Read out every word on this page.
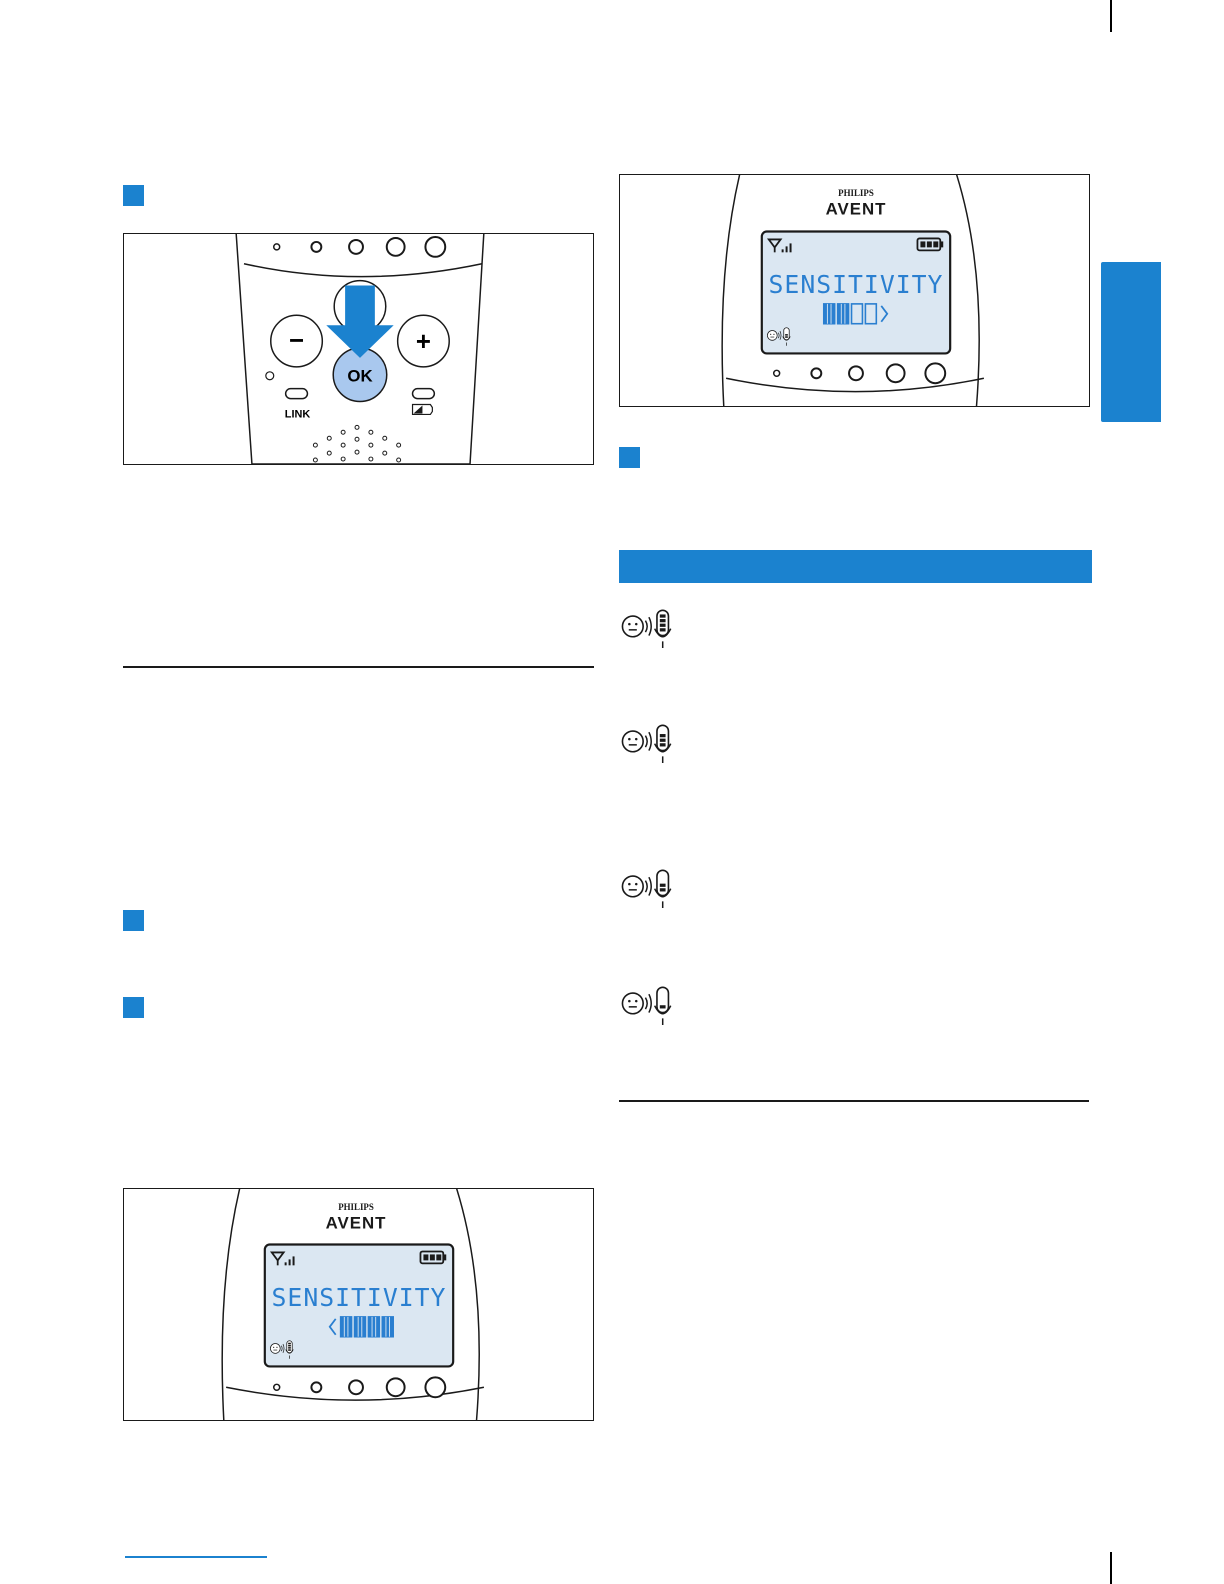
−	+
OK
LINK
PHILIPS
AVENT
SENSITIVITY
PHILIPS
AVENT
SENSITIVITY
